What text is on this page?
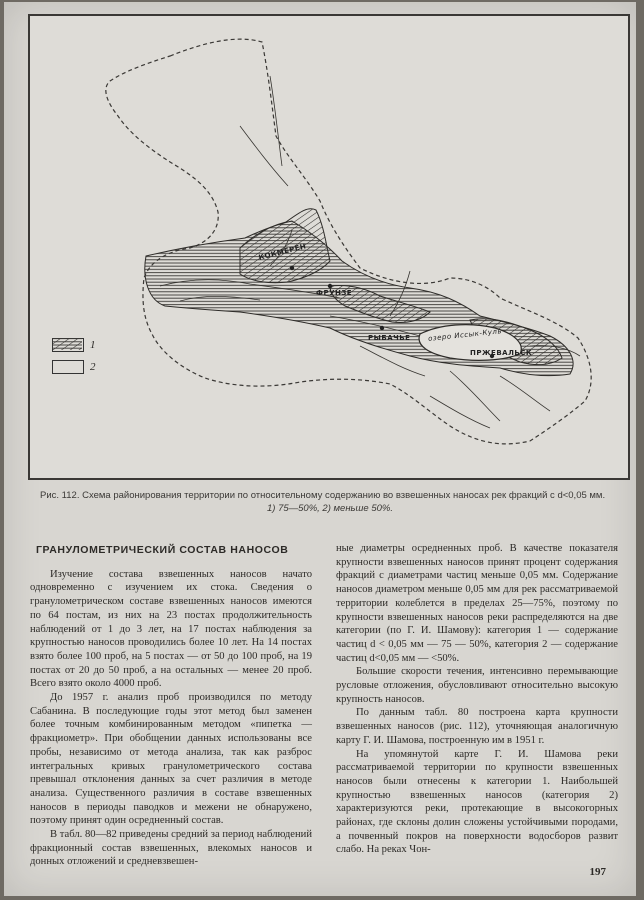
КОКМЕРЕН
ФРУНЗЕ
РЫБАЧЬЕ озеро Иссык-Куль
ПРЖЕВАЛЬСК
1
2
Рис. 112. Схема районирования территории по относительному содержанию во взвешенных наносах рек фракций с d<0,05 мм.
1) 75—50%, 2) меньше 50%.
ГРАНУЛОМЕТРИЧЕСКИЙ СОСТАВ НАНОСОВ

Изучение состава взвешенных наносов начато одновременно с изучением их стока. Сведения о гранулометрическом составе взвешенных наносов имеются по 64 постам, из них на 23 постах продолжительность наблюдений от 1 до 3 лет, на 17 постах наблюдения за крупностью наносов проводились более 10 лет. На 14 постах взято более 100 проб, на 5 постах — от 50 до 100 проб, на 19 постах от 20 до 50 проб, а на остальных — менее 20 проб. Всего взято около 4000 проб.

До 1957 г. анализ проб производился по методу Сабанина. В последующие годы этот метод был заменен более точным комбинированным методом «пипетка — фракциометр». При обобщении данных использованы все пробы, независимо от метода анализа, так как разброс интегральных кривых гранулометрического состава превышал отклонения данных за счет различия в методе анализа. Существенного различия в составе взвешенных наносов в периоды паводков и межени не обнаружено, поэтому принят один осредненный состав.

В табл. 80—82 приведены средний за период наблюдений фракционный состав взвешенных, влекомых наносов и донных отложений и средневзвешен-

ные диаметры осредненных проб. В качестве показателя крупности взвешенных наносов принят процент содержания фракций с диаметрами частиц меньше 0,05 мм. Содержание наносов диаметром меньше 0,05 мм для рек рассматриваемой территории колеблется в пределах 25—75%, поэтому по крупности взвешенных наносов реки распределяются на две категории (по Г. И. Шамову): категория 1 — содержание частиц d < 0,05 мм — 75 — 50%, категория 2 — содержание частиц d<0,05 мм — <50%.

Большие скорости течения, интенсивно перемывающие русловые отложения, обусловливают относительно высокую крупность наносов.

По данным табл. 80 построена карта крупности взвешенных наносов (рис. 112), уточняющая аналогичную карту Г. И. Шамова, построенную им в 1951 г.

На упомянутой карте Г. И. Шамова реки рассматриваемой территории по крупности взвешенных наносов были отнесены к категории 1. Наибольшей крупностью взвешенных наносов (категория 2) характеризуются реки, протекающие в высокогорных районах, где склоны долин сложены устойчивыми породами, а почвенный покров на поверхности водосборов развит слабо. На реках Чон-

197
